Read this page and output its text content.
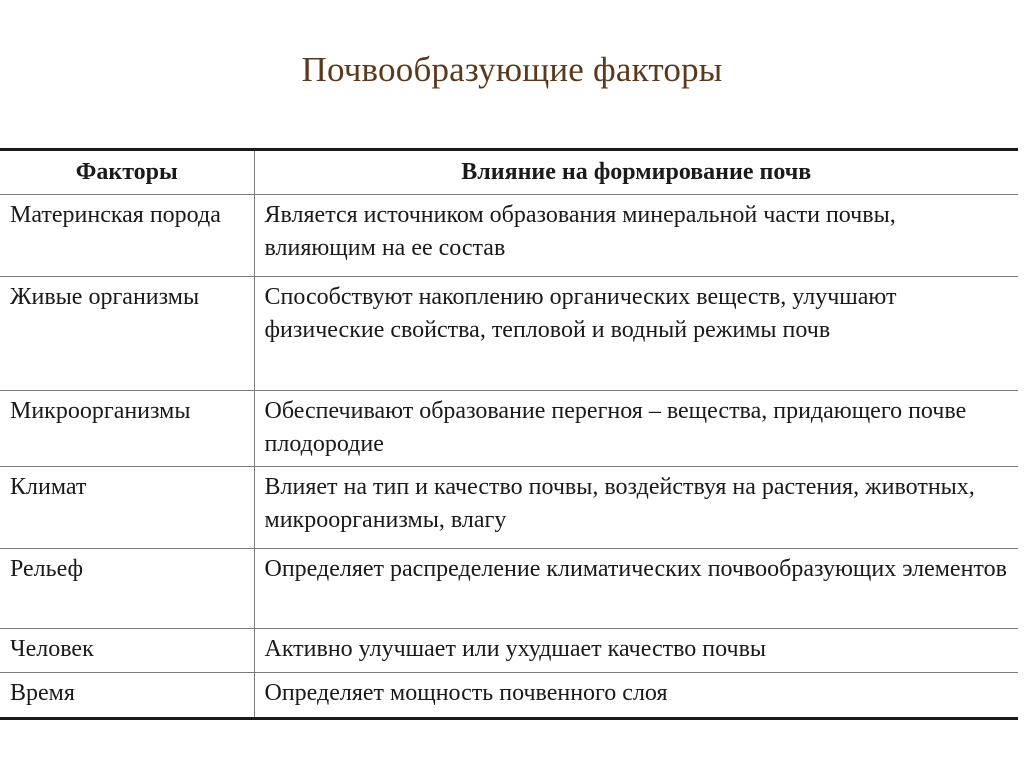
Почвообразующие факторы
Факторы	Влияние на формирование почв
Материнская порода	Является источником образования минеральной части почвы, влияющим на ее состав
Живые организмы	Способствуют накоплению органических веществ, улучшают физические свойства, тепловой и водный режимы почв
Микроорганизмы	Обеспечивают образование перегноя – вещества, придающего почве плодородие
Климат	Влияет на тип и качество почвы, воздействуя на растения, животных, микроорганизмы, влагу
Рельеф	Определяет распределение климатических почвообразующих элементов
Человек	Активно улучшает или ухудшает качество почвы
Время	Определяет мощность почвенного слоя
